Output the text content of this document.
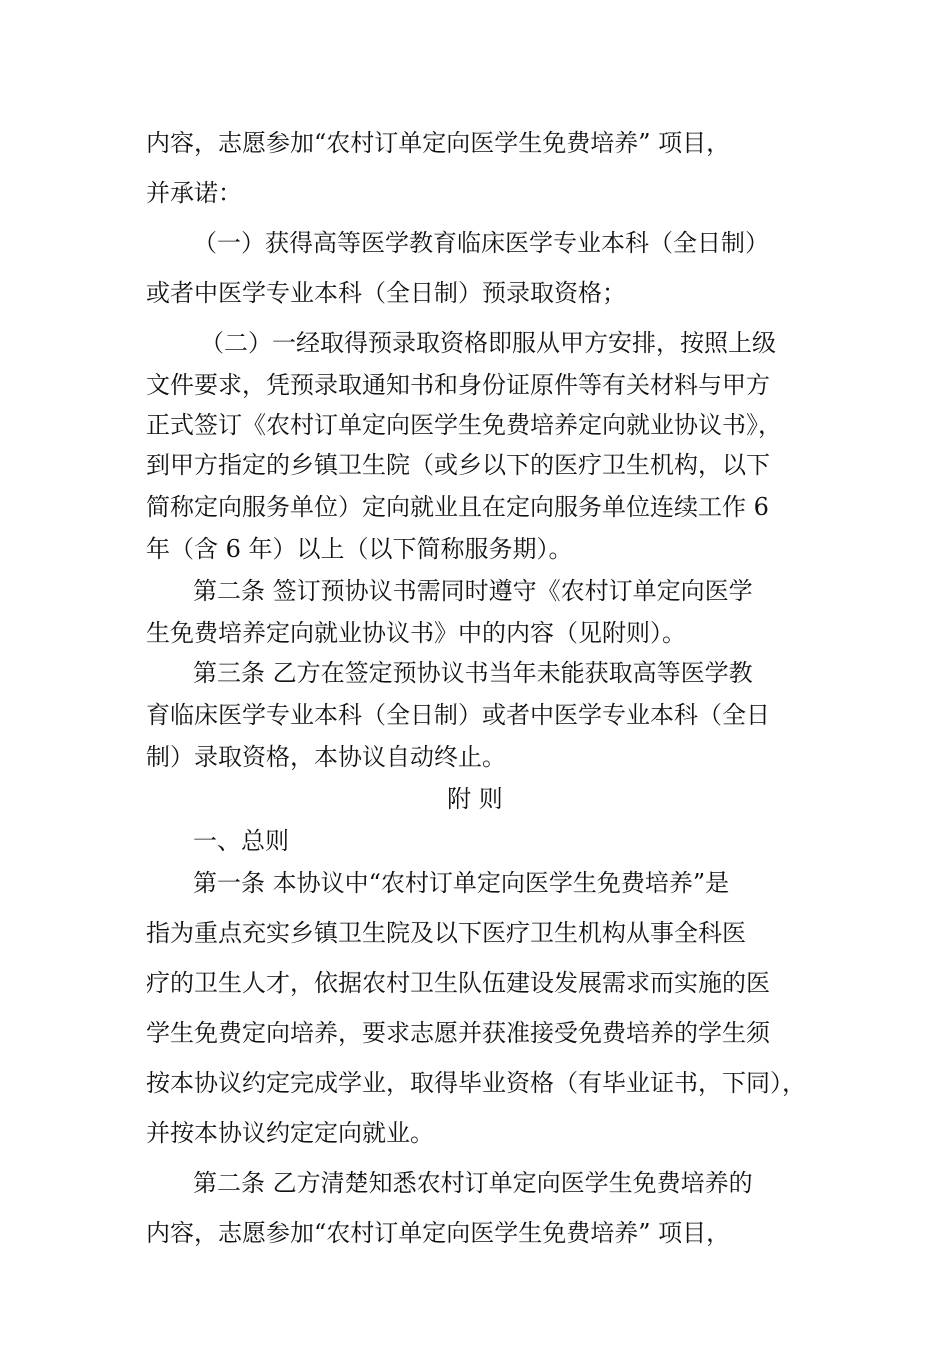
内容，志愿参加“农村订单定向医学生免费培养” 项目，
并承诺：
（一）获得高等医学教育临床医学专业本科（全日制）
或者中医学专业本科（全日制）预录取资格；
（二）一经取得预录取资格即服从甲方安排，按照上级
文件要求，凭预录取通知书和身份证原件等有关材料与甲方
正式签订《农村订单定向医学生免费培养定向就业协议书》，
到甲方指定的乡镇卫生院（或乡以下的医疗卫生机构，以下
简称定向服务单位）定向就业且在定向服务单位连续工作 6
年（含 6 年）以上（以下简称服务期）。
第二条 签订预协议书需同时遵守《农村订单定向医学
生免费培养定向就业协议书》中的内容（见附则）。
第三条 乙方在签定预协议书当年未能获取高等医学教
育临床医学专业本科（全日制）或者中医学专业本科（全日
制）录取资格，本协议自动终止。
附 则
一、总则
第一条 本协议中“农村订单定向医学生免费培养”是
指为重点充实乡镇卫生院及以下医疗卫生机构从事全科医
疗的卫生人才，依据农村卫生队伍建设发展需求而实施的医
学生免费定向培养，要求志愿并获准接受免费培养的学生须
按本协议约定完成学业，取得毕业资格（有毕业证书，下同），
并按本协议约定定向就业。
第二条 乙方清楚知悉农村订单定向医学生免费培养的
内容，志愿参加“农村订单定向医学生免费培养” 项目，
